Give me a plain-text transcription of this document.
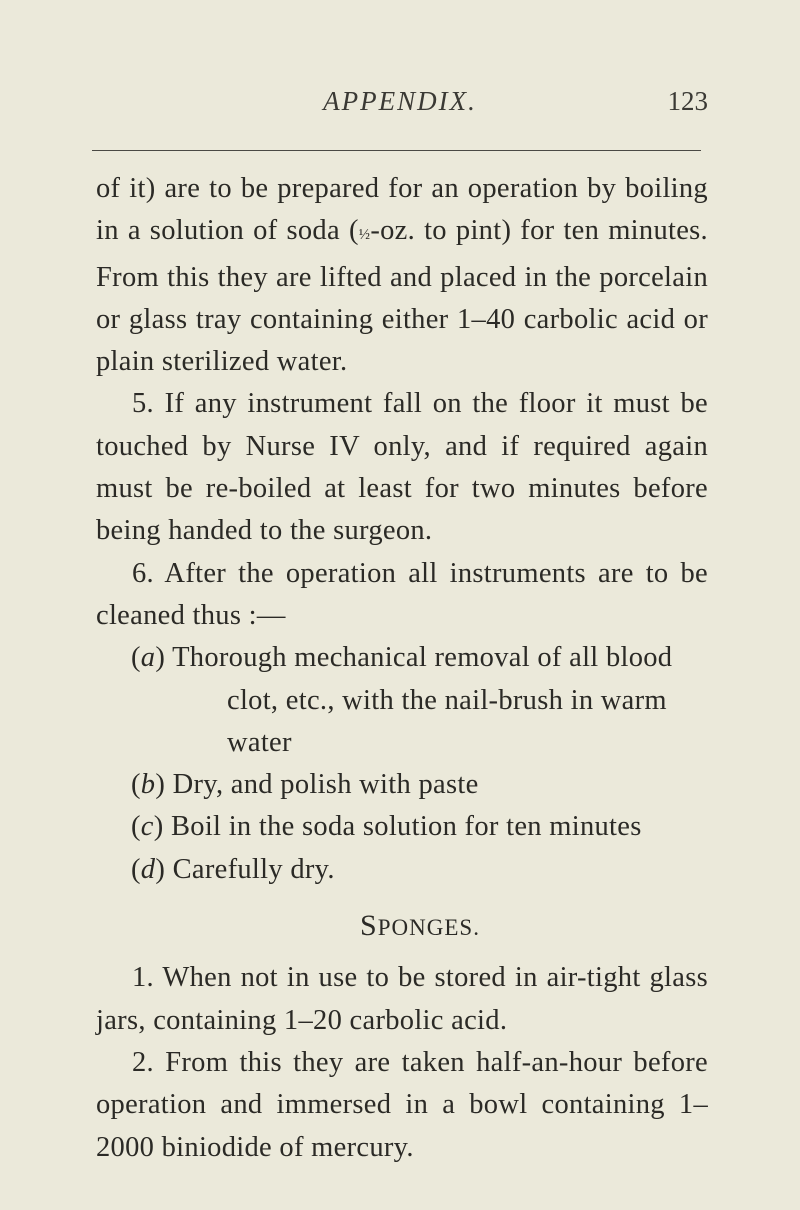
APPENDIX.	123

of it) are to be prepared for an operation by boiling in a solution of soda (½-oz. to pint) for ten minutes. From this they are lifted and placed in the porcelain or glass tray containing either 1–40 carbolic acid or plain sterilized water.

5. If any instrument fall on the floor it must be touched by Nurse IV only, and if required again must be re-boiled at least for two minutes before being handed to the surgeon.

6. After the operation all instruments are to be cleaned thus :—

(a) Thorough mechanical removal of all blood clot, etc., with the nail-brush in warm water

(b) Dry, and polish with paste

(c) Boil in the soda solution for ten minutes

(d) Carefully dry.

SPONGES.

1. When not in use to be stored in air-tight glass jars, containing 1–20 carbolic acid.

2. From this they are taken half-an-hour before operation and immersed in a bowl containing 1–2000 biniodide of mercury.
